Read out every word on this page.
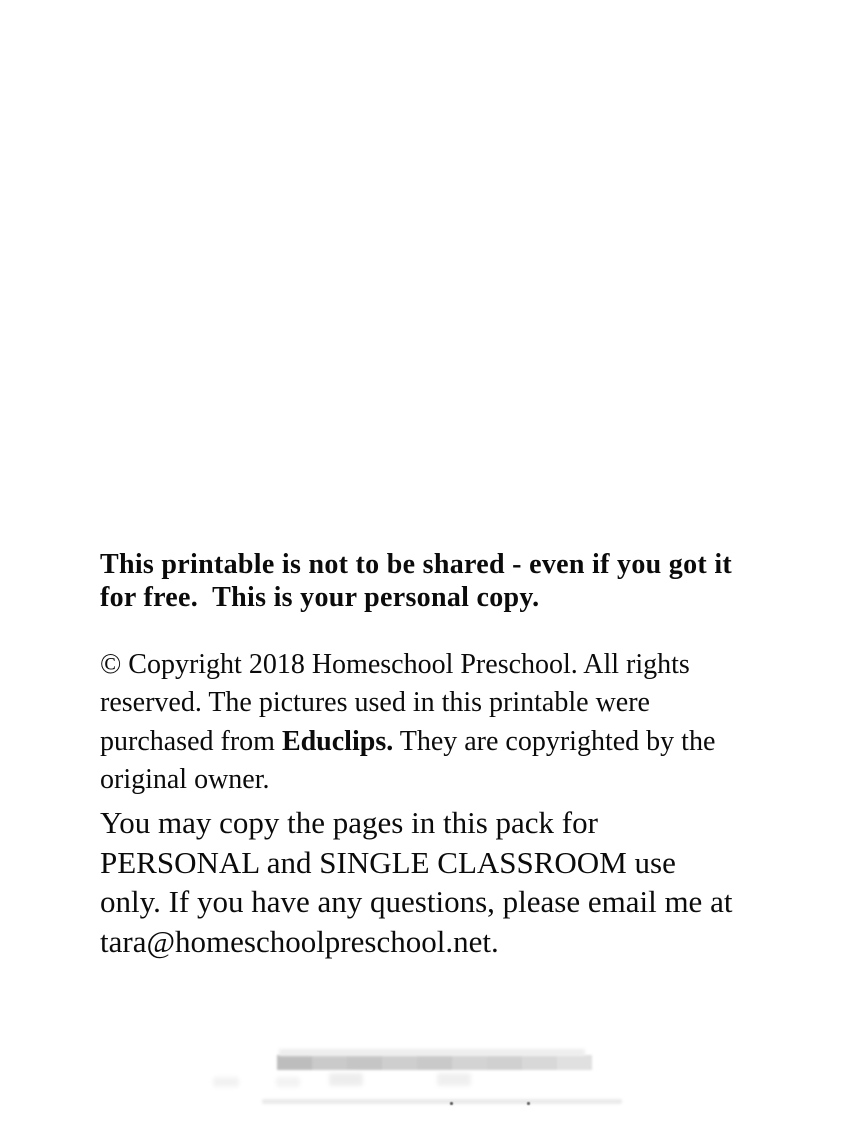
This printable is not to be shared - even if you got it
for free.  This is your personal copy.
© Copyright 2018 Homeschool Preschool. All rights
reserved. The pictures used in this printable were
purchased from Educlips. They are copyrighted by the
original owner.
You may copy the pages in this pack for
PERSONAL and SINGLE CLASSROOM use
only. If you have any questions, please email me at
tara@homeschoolpreschool.net.
